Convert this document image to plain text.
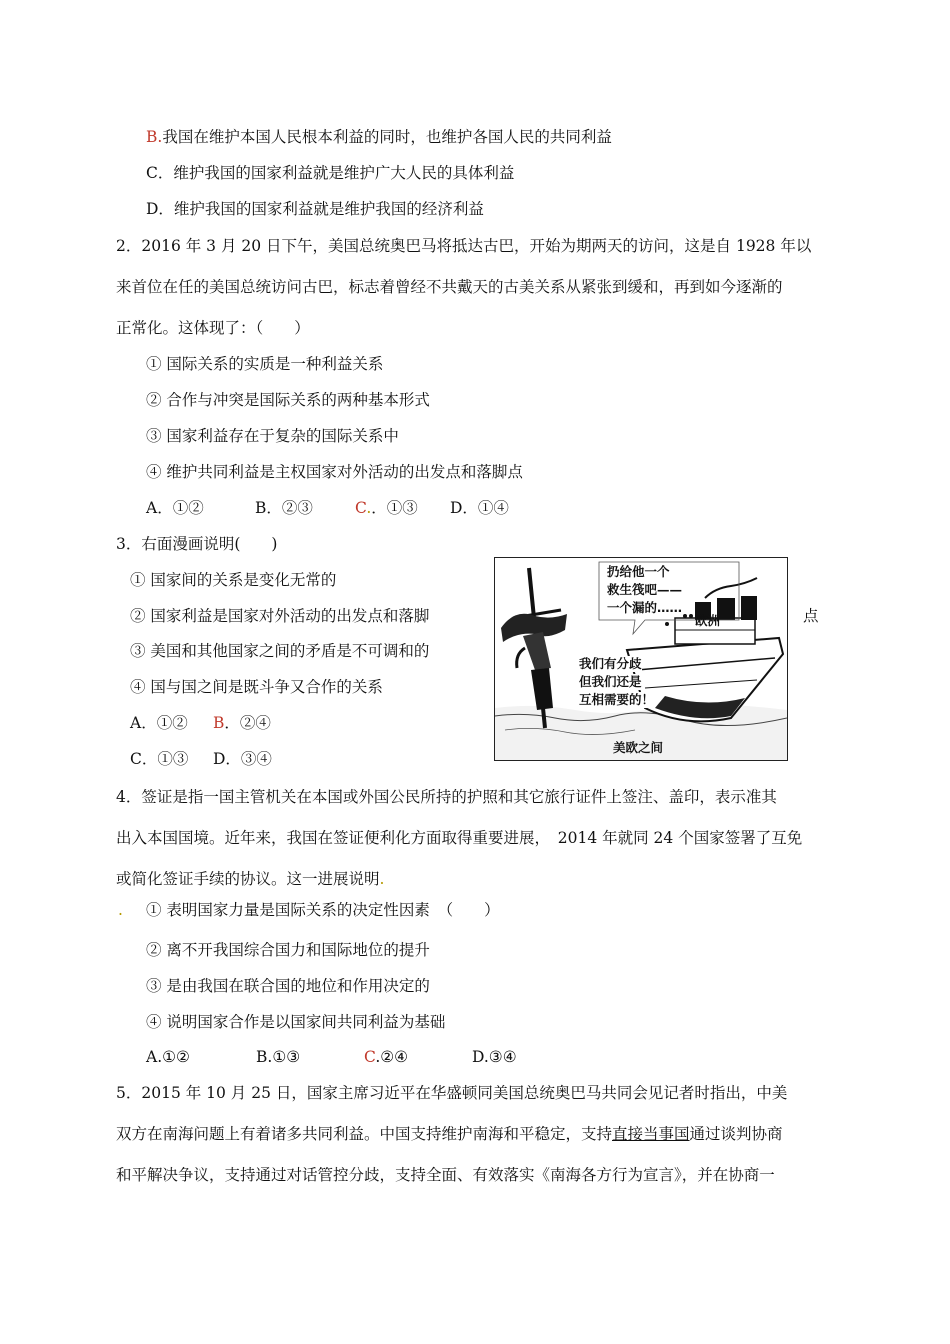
B.我国在维护本国人民根本利益的同时，也维护各国人民的共同利益
C．维护我国的国家利益就是维护广大人民的具体利益
D．维护我国的国家利益就是维护我国的经济利益
2．2016 年 3 月 20 日下午，美国总统奥巴马将抵达古巴，开始为期两天的访问，这是自 1928 年以
来首位在任的美国总统访问古巴，标志着曾经不共戴天的古美关系从紧张到缓和，再到如今逐渐的
正常化。这体现了：（　　）
① 国际关系的实质是一种利益关系
② 合作与冲突是国际关系的两种基本形式
③ 国家利益存在于复杂的国际关系中
④ 维护共同利益是主权国家对外活动的出发点和落脚点
A．①②	B．②③	C.．①③ D．①④
3．右面漫画说明(　　)
① 国家间的关系是变化无常的
② 国家利益是国家对外活动的出发点和落脚	点
③ 美国和其他国家之间的矛盾是不可调和的
④ 国与国之间是既斗争又合作的关系
A．①② B．②④
C．①③ D．③④
扔给他一个
救生筏吧——
一个漏的……
欧洲
我们有分歧
但我们还是
互相需要的！
美欧之间
4．签证是指一国主管机关在本国或外国公民所持的护照和其它旅行证件上签注、盖印，表示准其
出入本国国境。近年来，我国在签证便利化方面取得重要进展，　2014 年就同 24 个国家签署了互免
或简化签证手续的协议。这一进展说明.
. ① 表明国家力量是国际关系的决定性因素　（　　）
② 离不开我国综合国力和国际地位的提升
③ 是由我国在联合国的地位和作用决定的
④ 说明国家合作是以国家间共同利益为基础
A.①②	B.①③	C.②④	D.③④
5．2015 年 10 月 25 日，国家主席习近平在华盛顿同美国总统奥巴马共同会见记者时指出，中美
双方在南海问题上有着诸多共同利益。中国支持维护南海和平稳定，支持直接当事国通过谈判协商
和平解决争议，支持通过对话管控分歧，支持全面、有效落实《南海各方行为宣言》，并在协商一
